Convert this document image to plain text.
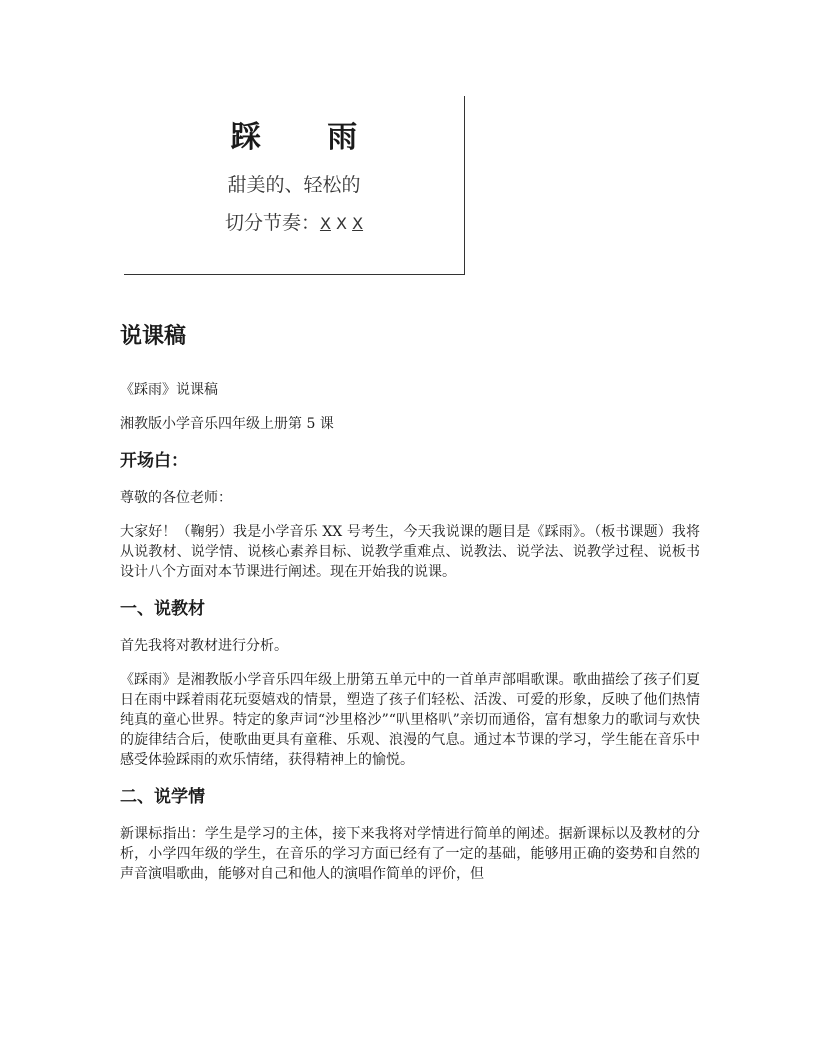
踩 雨
甜美的、轻松的
切分节奏：X X X
说课稿

《踩雨》说课稿

湘教版小学音乐四年级上册第 5 课

开场白：

尊敬的各位老师：

大家好！（鞠躬）我是小学音乐 XX 号考生，今天我说课的题目是《踩雨》。（板书课题）我将从说教材、说学情、说核心素养目标、说教学重难点、说教法、说学法、说教学过程、说板书设计八个方面对本节课进行阐述。现在开始我的说课。

一、说教材

首先我将对教材进行分析。

《踩雨》是湘教版小学音乐四年级上册第五单元中的一首单声部唱歌课。歌曲描绘了孩子们夏日在雨中踩着雨花玩耍嬉戏的情景，塑造了孩子们轻松、活泼、可爱的形象，反映了他们热情纯真的童心世界。特定的象声词“沙里格沙”“叭里格叭”亲切而通俗，富有想象力的歌词与欢快的旋律结合后，使歌曲更具有童稚、乐观、浪漫的气息。通过本节课的学习，学生能在音乐中感受体验踩雨的欢乐情绪，获得精神上的愉悦。

二、说学情

新课标指出：学生是学习的主体，接下来我将对学情进行简单的阐述。据新课标以及教材的分析，小学四年级的学生，在音乐的学习方面已经有了一定的基础，能够用正确的姿势和自然的声音演唱歌曲，能够对自己和他人的演唱作简单的评价，但
